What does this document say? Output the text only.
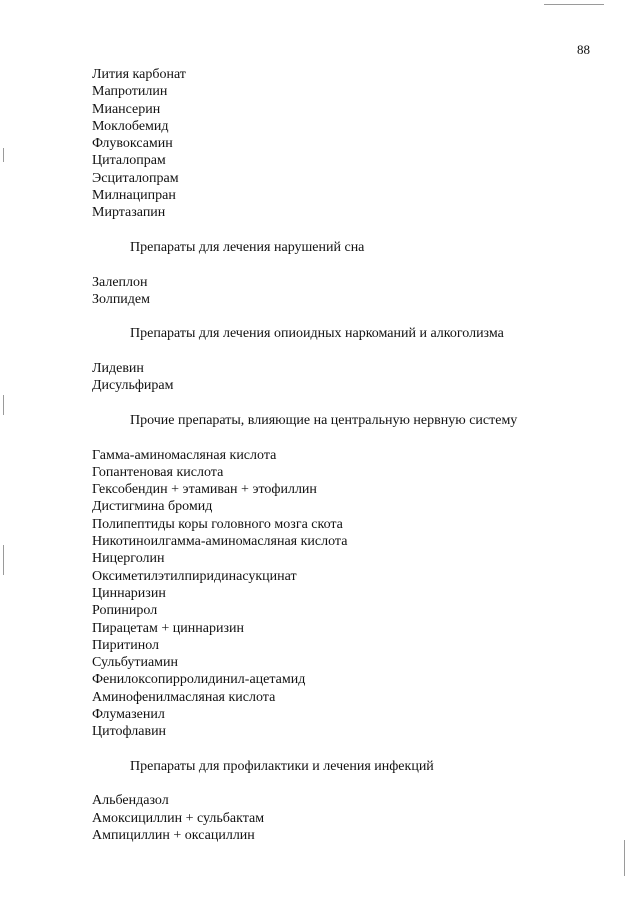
88

Лития карбонат

Мапротилин

Миансерин

Моклобемид

Флувоксамин

Циталопрам

Эсциталопрам

Милнаципран

Миртазапин

Препараты для лечения нарушений сна

Залеплон

Золпидем

Препараты для лечения опиоидных наркоманий и алкоголизма

Лидевин

Дисульфирам

Прочие препараты, влияющие на центральную нервную систему

Гамма-аминомасляная кислота

Гопантеновая кислота

Гексобендин + этамиван + этофиллин

Дистигмина бромид

Полипептиды коры головного мозга скота

Никотиноилгамма-аминомасляная кислота

Ницерголин

Оксиметилэтилпиридинасукцинат

Циннаризин

Ропинирол

Пирацетам + циннаризин

Пиритинол

Сульбутиамин

Фенилоксопирролидинил-ацетамид

Аминофенилмасляная кислота

Флумазенил

Цитофлавин

Препараты для профилактики и лечения инфекций

Альбендазол

Амоксициллин + сульбактам

Ампициллин + оксациллин
